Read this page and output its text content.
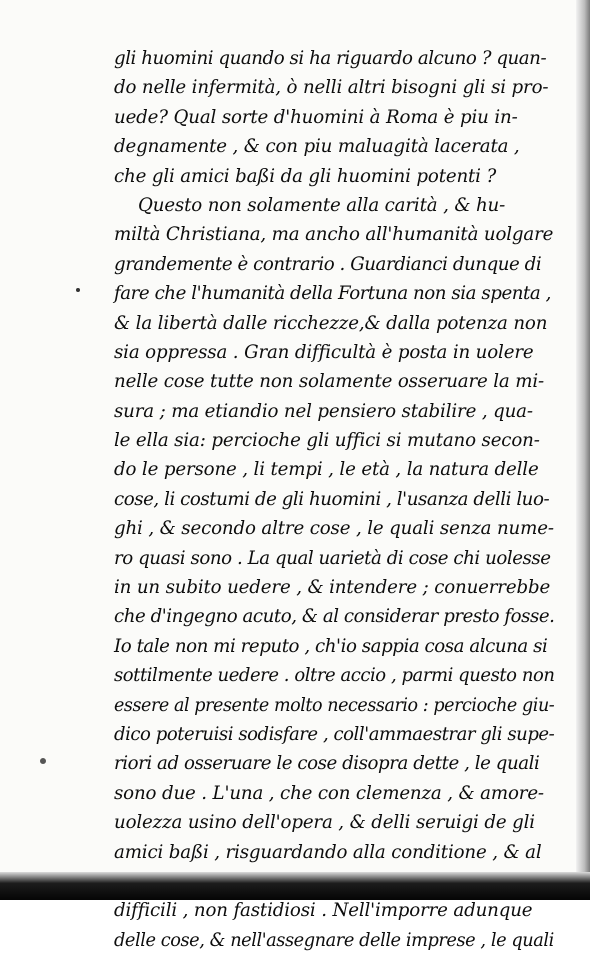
gli huomini quando si ha riguardo alcuno ? quan-
do nelle infermità, ò nelli altri bisogni gli si pro-
uede? Qual sorte d'huomini à Roma è piu in-
degnamente , & con piu maluagità lacerata ,
che gli amici baßi da gli huomini potenti ?
Questo non solamente alla carità , & hu-
miltà Christiana, ma ancho all'humanità uolgare
grandemente è contrario . Guardianci dunque di
fare che l'humanità della Fortuna non sia spenta ,
& la libertà dalle ricchezze,& dalla potenza non
sia oppressa . Gran difficultà è posta in uolere
nelle cose tutte non solamente osseruare la mi-
sura ; ma etiandio nel pensiero stabilire , qua-
le ella sia: percioche gli uffici si mutano secon-
do le persone , li tempi , le età , la natura delle
cose, li costumi de gli huomini , l'usanza delli luo-
ghi , & secondo altre cose , le quali senza nume-
ro quasi sono . La qual uarietà di cose chi uolesse
in un subito uedere , & intendere ; conuerrebbe
che d'ingegno acuto, & al considerar presto fosse.
Io tale non mi reputo , ch'io sappia cosa alcuna si
sottilmente uedere . oltre accio , parmi questo non
essere al presente molto necessario : percioche giu-
dico poteruisi sodisfare , coll'ammaestrar gli supe-
riori ad osseruare le cose disopra dette , le quali
sono due . L'una , che con clemenza , & amore-
uolezza usino dell'opera , & delli seruigi de gli
amici baßi , risguardando alla conditione , & al
difficili , non fastidiosi . Nell'imporre adunque
delle cose, & nell'assegnare delle imprese , le quali
